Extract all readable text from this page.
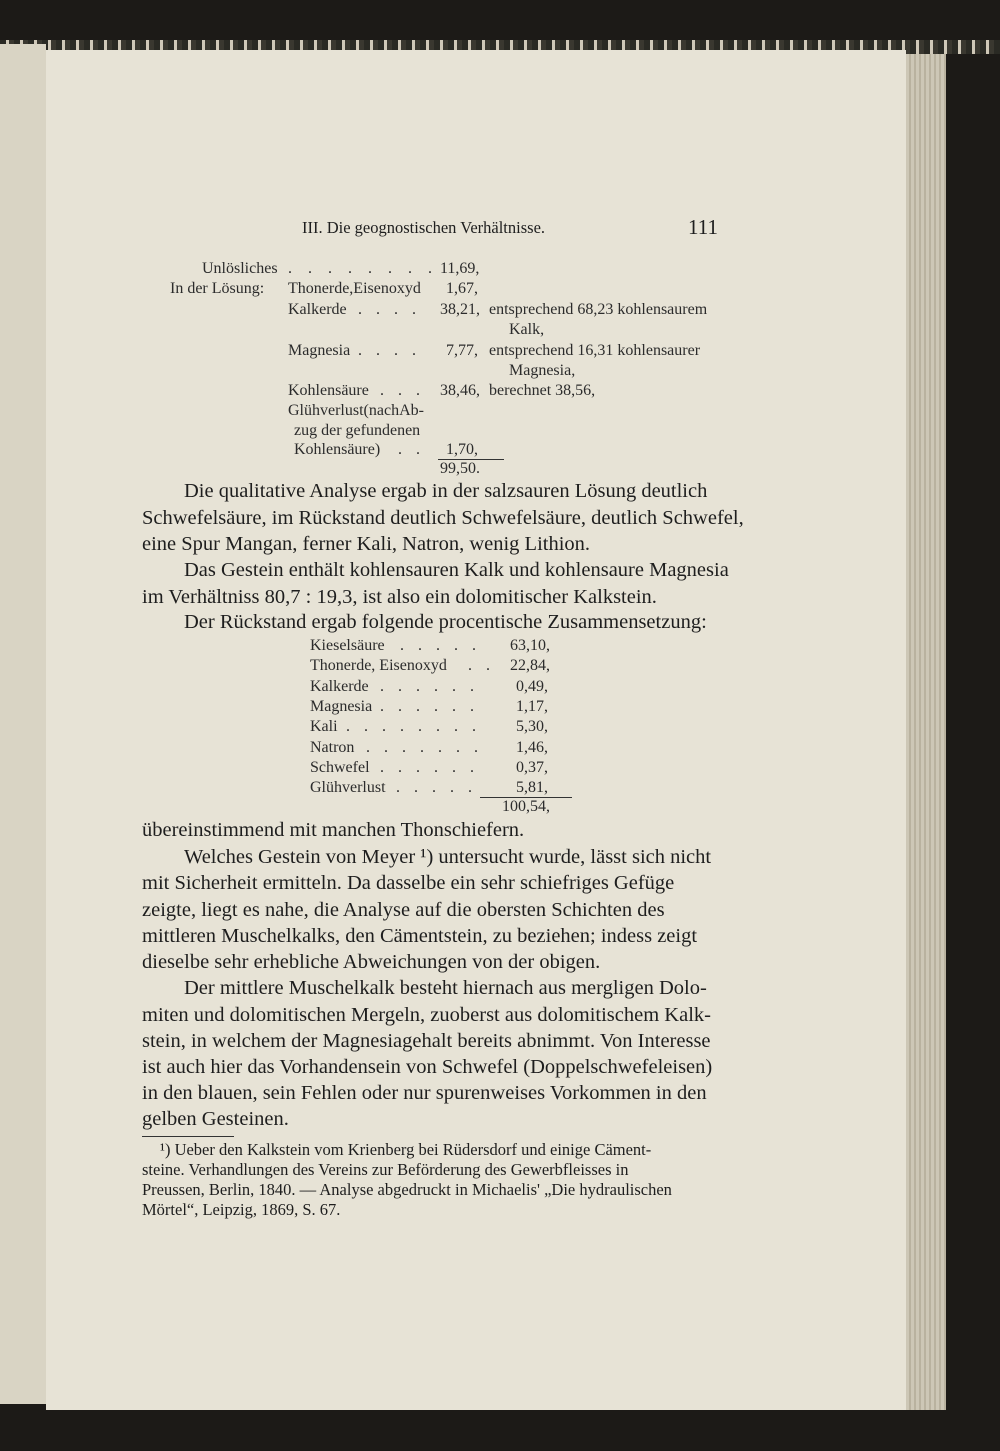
III. Die geognostischen Verhältnisse.	111
Unlösliches . . . . . . . . 11,69,
In der Lösung: Thonerde,Eisenoxyd 1,67,
Kalkerde . . . . 38,21, entsprechend 68,23 kohlensaurem
Kalk,
Magnesia . . . . 7,77, entsprechend 16,31 kohlensaurer
Magnesia,
Kohlensäure . . . 38,46, berechnet 38,56,
Glühverlust(nachAb-
zug der gefundenen
Kohlensäure) . . 1,70,
99,50.
Die qualitative Analyse ergab in der salzsauren Lösung deutlich
Schwefelsäure, im Rückstand deutlich Schwefelsäure, deutlich Schwefel,
eine Spur Mangan, ferner Kali, Natron, wenig Lithion.
Das Gestein enthält kohlensauren Kalk und kohlensaure Magnesia
im Verhältniss 80,7 : 19,3, ist also ein dolomitischer Kalkstein.
Der Rückstand ergab folgende procentische Zusammensetzung:
Kieselsäure . . . . . 63,10,
Thonerde, Eisenoxyd . . 22,84,
Kalkerde . . . . . . 0,49,
Magnesia . . . . . . 1,17,
Kali . . . . . . . . 5,30,
Natron . . . . . . . 1,46,
Schwefel . . . . . . 0,37,
Glühverlust . . . . . 5,81,
100,54,
übereinstimmend mit manchen Thonschiefern.
Welches Gestein von Meyer ¹) untersucht wurde, lässt sich nicht
mit Sicherheit ermitteln. Da dasselbe ein sehr schiefriges Gefüge
zeigte, liegt es nahe, die Analyse auf die obersten Schichten des
mittleren Muschelkalks, den Cämentstein, zu beziehen; indess zeigt
dieselbe sehr erhebliche Abweichungen von der obigen.
Der mittlere Muschelkalk besteht hiernach aus mergligen Dolo-
miten und dolomitischen Mergeln, zuoberst aus dolomitischem Kalk-
stein, in welchem der Magnesiagehalt bereits abnimmt. Von Interesse
ist auch hier das Vorhandensein von Schwefel (Doppelschwefeleisen)
in den blauen, sein Fehlen oder nur spurenweises Vorkommen in den
gelben Gesteinen.
¹) Ueber den Kalkstein vom Krienberg bei Rüdersdorf und einige Cäment-
steine. Verhandlungen des Vereins zur Beförderung des Gewerbfleisses in
Preussen, Berlin, 1840. — Analyse abgedruckt in Michaelis' „Die hydraulischen
Mörtel“, Leipzig, 1869, S. 67.
